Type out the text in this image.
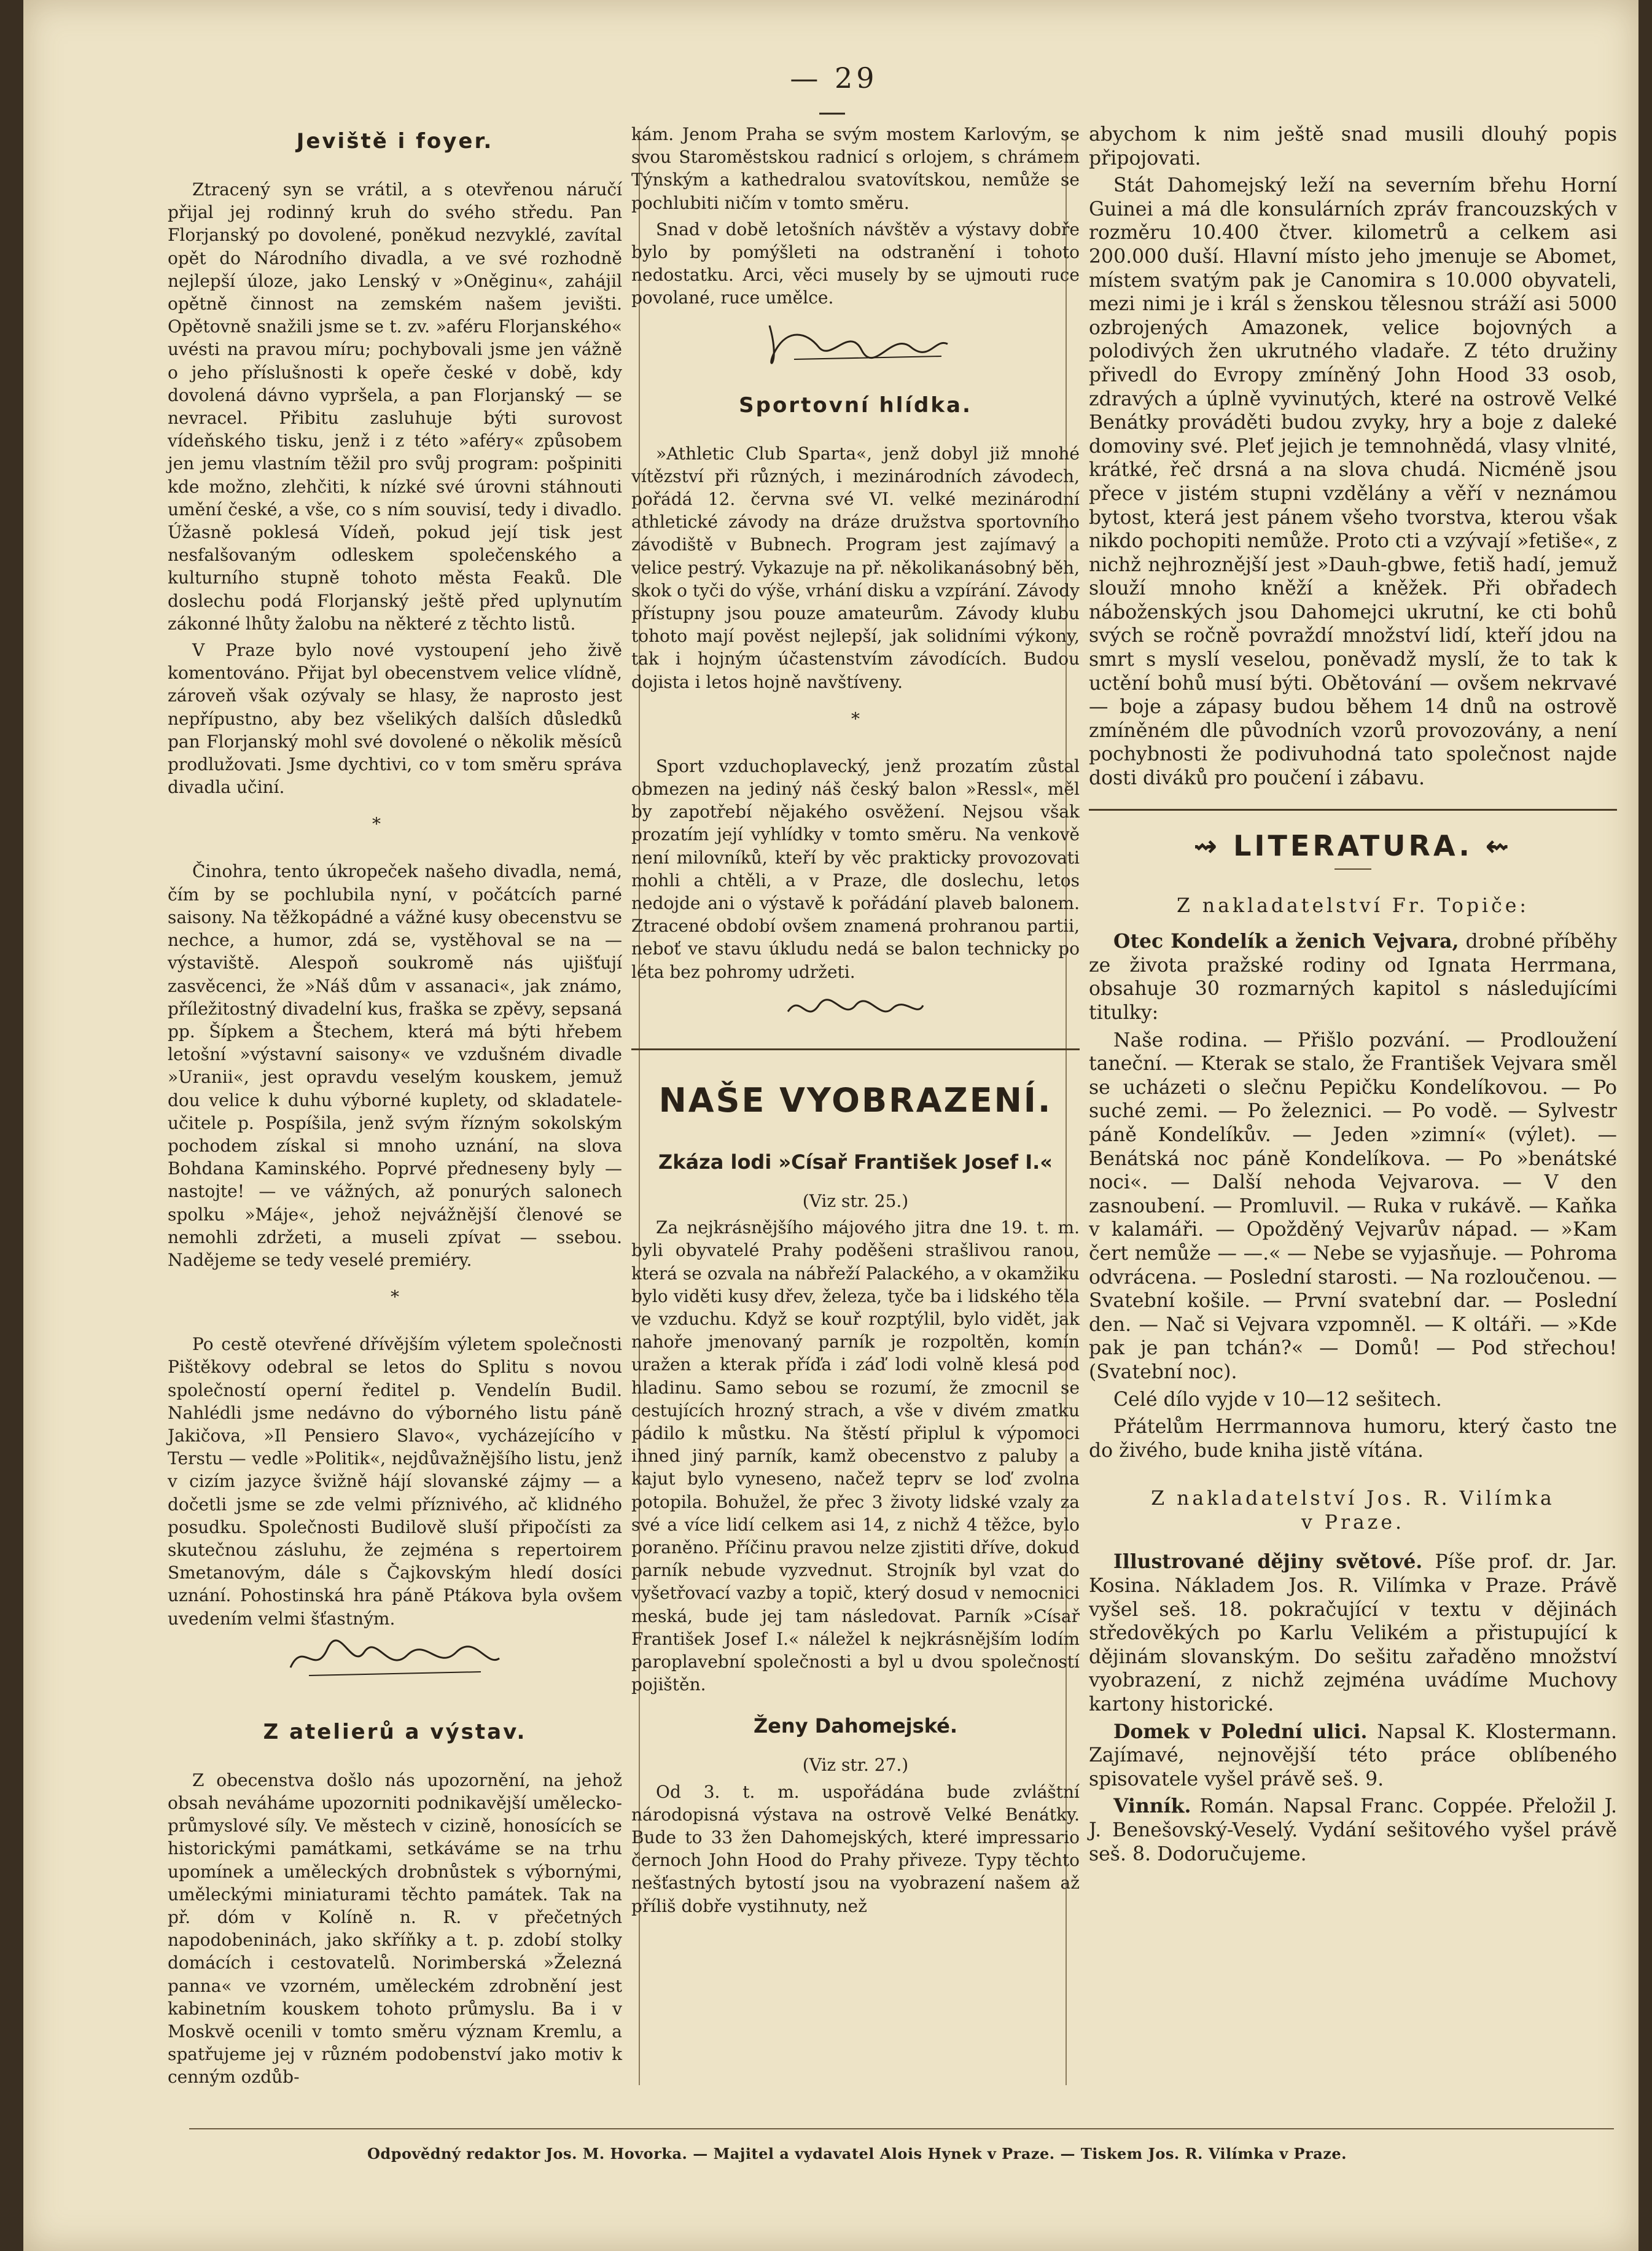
— 29 —
Jeviště i foyer.

Ztracený syn se vrátil, a s otevřenou náručí přijal jej rodinný kruh do svého středu. Pan Florjanský po dovolené, poněkud nezvyklé, zavítal opět do Národního divadla, a ve své rozhodně nejlepší úloze, jako Lenský v »Oněginu«, zahájil opětně činnost na zemském našem jevišti. Opětovně snažili jsme se t. zv. »aféru Florjanského« uvésti na pravou míru; pochybovali jsme jen vážně o jeho příslušnosti k opeře české v době, kdy dovolená dávno vypršela, a pan Florjanský — se nevracel. Přibitu zasluhuje býti surovost vídeňského tisku, jenž i z této »aféry« způsobem jen jemu vlastním těžil pro svůj program: pošpiniti kde možno, zlehčiti, k nízké své úrovni stáhnouti umění české, a vše, co s ním souvisí, tedy i divadlo. Úžasně poklesá Vídeň, pokud její tisk jest nesfalšovaným odleskem společenského a kulturního stupně tohoto města Feaků. Dle doslechu podá Florjanský ještě před uplynutím zákonné lhůty žalobu na některé z těchto listů.

V Praze bylo nové vystoupení jeho živě komentováno. Přijat byl obecenstvem velice vlídně, zároveň však ozývaly se hlasy, že naprosto jest nepřípustno, aby bez všelikých dalších důsledků pan Florjanský mohl své dovolené o několik měsíců prodlužovati. Jsme dychtivi, co v tom směru správa divadla učiní.

*

Činohra, tento úkropeček našeho divadla, nemá, čím by se pochlubila nyní, v počátcích parné saisony. Na těžkopádné a vážné kusy obecenstvu se nechce, a humor, zdá se, vystěhoval se na — výstaviště. Alespoň soukromě nás ujišťují zasvěcenci, že »Náš dům v assanaci«, jak známo, příležitostný divadelní kus, fraška se zpěvy, sepsaná pp. Šípkem a Štechem, která má býti hřebem letošní »výstavní saisony« ve vzdušném divadle »Uranii«, jest opravdu veselým kouskem, jemuž dou velice k duhu výborné kuplety, od skladatele-učitele p. Pospíšila, jenž svým řízným sokolským pochodem získal si mnoho uznání, na slova Bohdana Kaminského. Poprvé předneseny byly — nastojte! — ve vážných, až ponurých salonech spolku »Máje«, jehož nejvážnější členové se nemohli zdržeti, a museli zpívat — ssebou. Nadějeme se tedy veselé premiéry.

*

Po cestě otevřené dřívějším výletem společnosti Pištěkovy odebral se letos do Splitu s novou společností operní ředitel p. Vendelín Budil. Nahlédli jsme nedávno do výborného listu páně Jakičova, »Il Pensiero Slavo«, vycházejícího v Terstu — vedle »Politik«, nejdůvažnějšího listu, jenž v cizím jazyce švižně hájí slovanské zájmy — a dočetli jsme se zde velmi příznivého, ač klidného posudku. Společnosti Budilově sluší připočísti za skutečnou zásluhu, že zejména s repertoirem Smetanovým, dále s Čajkovským hledí dosíci uznání. Pohostinská hra páně Ptákova byla ovšem uvedením velmi šťastným.

Z atelierů a výstav.

Z obecenstva došlo nás upozornění, na jehož obsah neváháme upozorniti podnikavější umělecko-průmyslové síly. Ve městech v cizině, honosících se historickými památkami, setkáváme se na trhu upomínek a uměleckých drobnůstek s výbornými, uměleckými miniaturami těchto památek. Tak na př. dóm v Kolíně n. R. v přečetných napodobeninách, jako skříňky a t. p. zdobí stolky domácích i cestovatelů. Norimberská »Železná panna« ve vzorném, uměleckém zdrobnění jest kabinetním kouskem tohoto průmyslu. Ba i v Moskvě ocenili v tomto směru význam Kremlu, a spatřujeme jej v různém podobenství jako motiv k cenným ozdůb-

kám. Jenom Praha se svým mostem Karlovým, se svou Staroměstskou radnicí s orlojem, s chrámem Týnským a kathedralou svatovítskou, nemůže se pochlubiti ničím v tomto směru.

Snad v době letošních návštěv a výstavy dobře bylo by pomýšleti na odstranění i tohoto nedostatku. Arci, věci musely by se ujmouti ruce povolané, ruce umělce.

Sportovní hlídka.

»Athletic Club Sparta«, jenž dobyl již mnohé vítězství při různých, i mezinárodních závodech, pořádá 12. června své VI. velké mezinárodní athletické závody na dráze družstva sportovního závodiště v Bubnech. Program jest zajímavý a velice pestrý. Vykazuje na př. několikanásobný běh, skok o tyči do výše, vrhání disku a vzpírání. Závody přístupny jsou pouze amateurům. Závody klubu tohoto mají pověst nejlepší, jak solidními výkony, tak i hojným účastenstvím závodících. Budou dojista i letos hojně navštíveny.

*

Sport vzduchoplavecký, jenž prozatím zůstal obmezen na jediný náš český balon »Ressl«, měl by zapotřebí nějakého osvěžení. Nejsou však prozatím její vyhlídky v tomto směru. Na venkově není milovníků, kteří by věc prakticky provozovati mohli a chtěli, a v Praze, dle doslechu, letos nedojde ani o výstavě k pořádání plaveb balonem. Ztracené období ovšem znamená prohranou partii, neboť ve stavu úkludu nedá se balon technicky po léta bez pohromy udržeti.

NAŠE VYOBRAZENÍ.
Zkáza lodi »Císař František Josef I.«

(Viz str. 25.)

Za nejkrásnějšího májového jitra dne 19. t. m. byli obyvatelé Prahy poděšeni strašlivou ranou, která se ozvala na nábřeží Palackého, a v okamžiku bylo viděti kusy dřev, železa, tyče ba i lidského těla ve vzduchu. Když se kouř rozptýlil, bylo vidět, jak nahoře jmenovaný parník je rozpoltěn, komín uražen a kterak příďa i záď lodi volně klesá pod hladinu. Samo sebou se rozumí, že zmocnil se cestujících hrozný strach, a vše v divém zmatku pádilo k můstku. Na štěstí připlul k výpomoci ihned jiný parník, kamž obecenstvo z paluby a kajut bylo vyneseno, načež teprv se loď zvolna potopila. Bohužel, že přec 3 životy lidské vzaly za své a více lidí celkem asi 14, z nichž 4 těžce, bylo poraněno. Příčinu pravou nelze zjistiti dříve, dokud parník nebude vyzvednut. Strojník byl vzat do vyšetřovací vazby a topič, který dosud v nemocnici meská, bude jej tam následovat. Parník »Císař František Josef I.« náležel k nejkrásnějším lodím paroplavební společnosti a byl u dvou společností pojištěn.

Ženy Dahomejské.

(Viz str. 27.)

Od 3. t. m. uspořádána bude zvláštní národopisná výstava na ostrově Velké Benátky. Bude to 33 žen Dahomejských, které impressario černoch John Hood do Prahy přiveze. Typy těchto nešťastných bytostí jsou na vyobrazení našem až příliš dobře vystihnuty, než

abychom k nim ještě snad musili dlouhý popis připojovati.

Stát Dahomejský leží na severním břehu Horní Guinei a má dle konsulárních zpráv francouzských v rozměru 10.400 čtver. kilometrů a celkem asi 200.000 duší. Hlavní místo jeho jmenuje se Abomet, místem svatým pak je Canomira s 10.000 obyvateli, mezi nimi je i král s ženskou tělesnou stráží asi 5000 ozbrojených Amazonek, velice bojovných a polodivých žen ukrutného vladaře. Z této družiny přivedl do Evropy zmíněný John Hood 33 osob, zdravých a úplně vyvinutých, které na ostrově Velké Benátky prováděti budou zvyky, hry a boje z daleké domoviny své. Pleť jejich je temnohnědá, vlasy vlnité, krátké, řeč drsná a na slova chudá. Nicméně jsou přece v jistém stupni vzdělány a věří v neznámou bytost, která jest pánem všeho tvorstva, kterou však nikdo pochopiti nemůže. Proto cti a vzývají »fetiše«, z nichž nejhroznější jest »Dauh-gbwe, fetiš hadí, jemuž slouží mnoho kněží a kněžek. Při obřadech náboženských jsou Dahomejci ukrutní, ke cti bohů svých se ročně povraždí množství lidí, kteří jdou na smrt s myslí veselou, poněvadž myslí, že to tak k uctění bohů musí býti. Obětování — ovšem nekrvavé — boje a zápasy budou během 14 dnů na ostrově zmíněném dle původních vzorů provozovány, a není pochybnosti že podivuhodná tato společnost najde dosti diváků pro poučení i zábavu.

⇝ LITERATURA. ⇜

Z nakladatelství Fr. Topiče:

Otec Kondelík a ženich Vejvara, drobné příběhy ze života pražské rodiny od Ignata Herrmana, obsahuje 30 rozmarných kapitol s následujícími titulky:

Naše rodina. — Přišlo pozvání. — Prodloužení taneční. — Kterak se stalo, že František Vejvara směl se ucházeti o slečnu Pepičku Kondelíkovou. — Po suché zemi. — Po železnici. — Po vodě. — Sylvestr páně Kondelíkův. — Jeden »zimní« (výlet). — Benátská noc páně Kondelíkova. — Po »benátské noci«. — Další nehoda Vejvarova. — V den zasnoubení. — Promluvil. — Ruka v rukávě. — Kaňka v kalamáři. — Opožděný Vejvarův nápad. — »Kam čert nemůže — —.« — Nebe se vyjasňuje. — Pohroma odvrácena. — Poslední starosti. — Na rozloučenou. — Svatební košile. — První svatební dar. — Poslední den. — Nač si Vejvara vzpomněl. — K oltáři. — »Kde pak je pan tchán?« — Domů! — Pod střechou! (Svatební noc).

Celé dílo vyjde v 10—12 sešitech.

Přátelům Herrmannova humoru, který často tne do živého, bude kniha jistě vítána.

Z nakladatelství Jos. R. Vilímka

v Praze.

Illustrované dějiny světové. Píše prof. dr. Jar. Kosina. Nákladem Jos. R. Vilímka v Praze. Právě vyšel seš. 18. pokračující v textu v dějinách středověkých po Karlu Velikém a přistupující k dějinám slovanským. Do sešitu zařaděno množství vyobrazení, z nichž zejména uvádíme Muchovy kartony historické.

Domek v Polední ulici. Napsal K. Klostermann. Zajímavé, nejnovější této práce oblíbeného spisovatele vyšel právě seš. 9.

Vinník. Román. Napsal Franc. Coppée. Přeložil J. J. Benešovský-Veselý. Vydání sešitového vyšel právě seš. 8. Dodoručujeme.

Odpovědný redaktor Jos. M. Hovorka. — Majitel a vydavatel Alois Hynek v Praze. — Tiskem Jos. R. Vilímka v Praze.
